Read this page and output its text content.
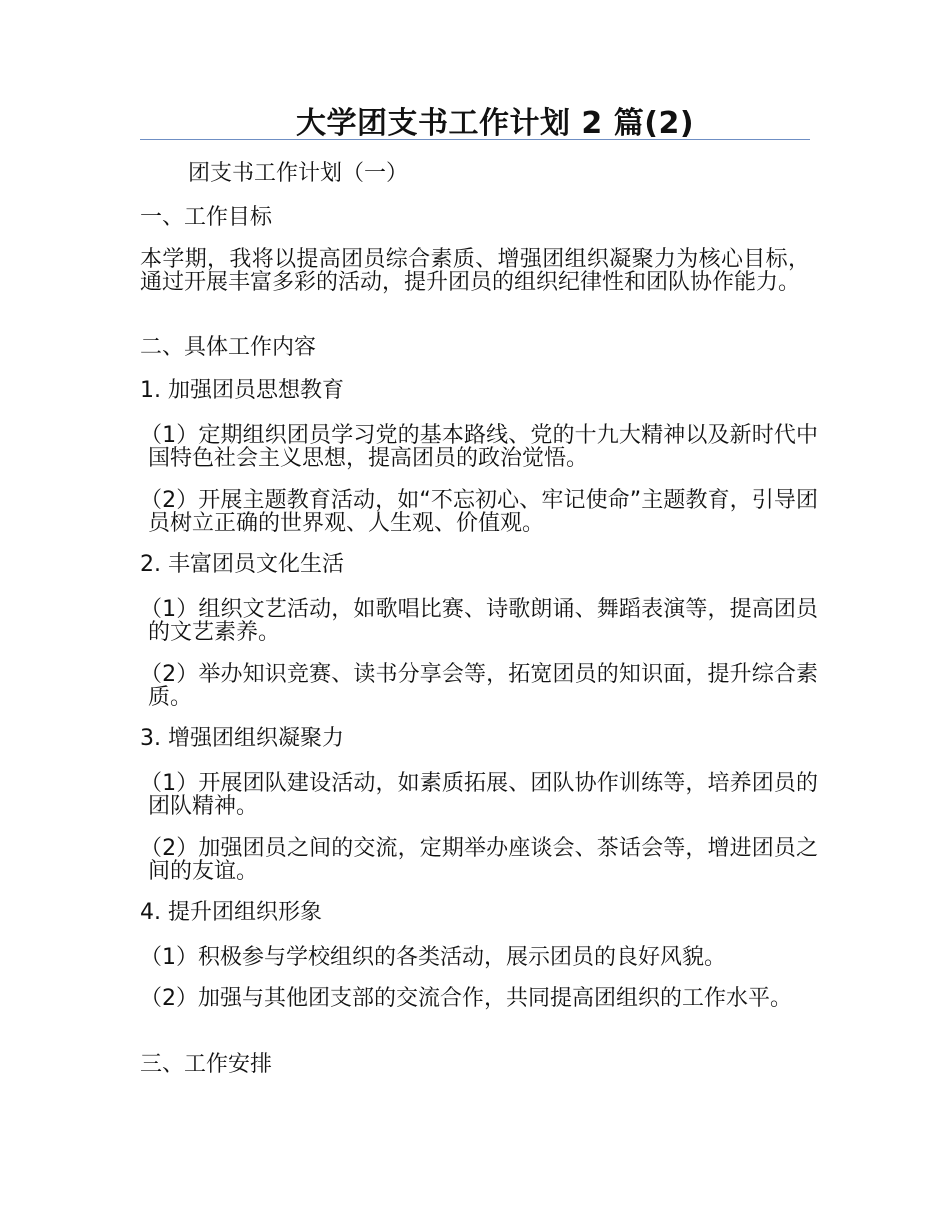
大学团支书工作计划 2 篇(2)
团支书工作计划（一）
一、工作目标
本学期，我将以提高团员综合素质、增强团组织凝聚力为核心目标，通过开展丰富多彩的活动，提升团员的组织纪律性和团队协作能力。
二、具体工作内容
1. 加强团员思想教育
（1）定期组织团员学习党的基本路线、党的十九大精神以及新时代中国特色社会主义思想，提高团员的政治觉悟。
（2）开展主题教育活动，如“不忘初心、牢记使命”主题教育，引导团员树立正确的世界观、人生观、价值观。
2. 丰富团员文化生活
（1）组织文艺活动，如歌唱比赛、诗歌朗诵、舞蹈表演等，提高团员的文艺素养。
（2）举办知识竞赛、读书分享会等，拓宽团员的知识面，提升综合素质。
3. 增强团组织凝聚力
（1）开展团队建设活动，如素质拓展、团队协作训练等，培养团员的团队精神。
（2）加强团员之间的交流，定期举办座谈会、茶话会等，增进团员之间的友谊。
4. 提升团组织形象
（1）积极参与学校组织的各类活动，展示团员的良好风貌。
（2）加强与其他团支部的交流合作，共同提高团组织的工作水平。
三、工作安排
